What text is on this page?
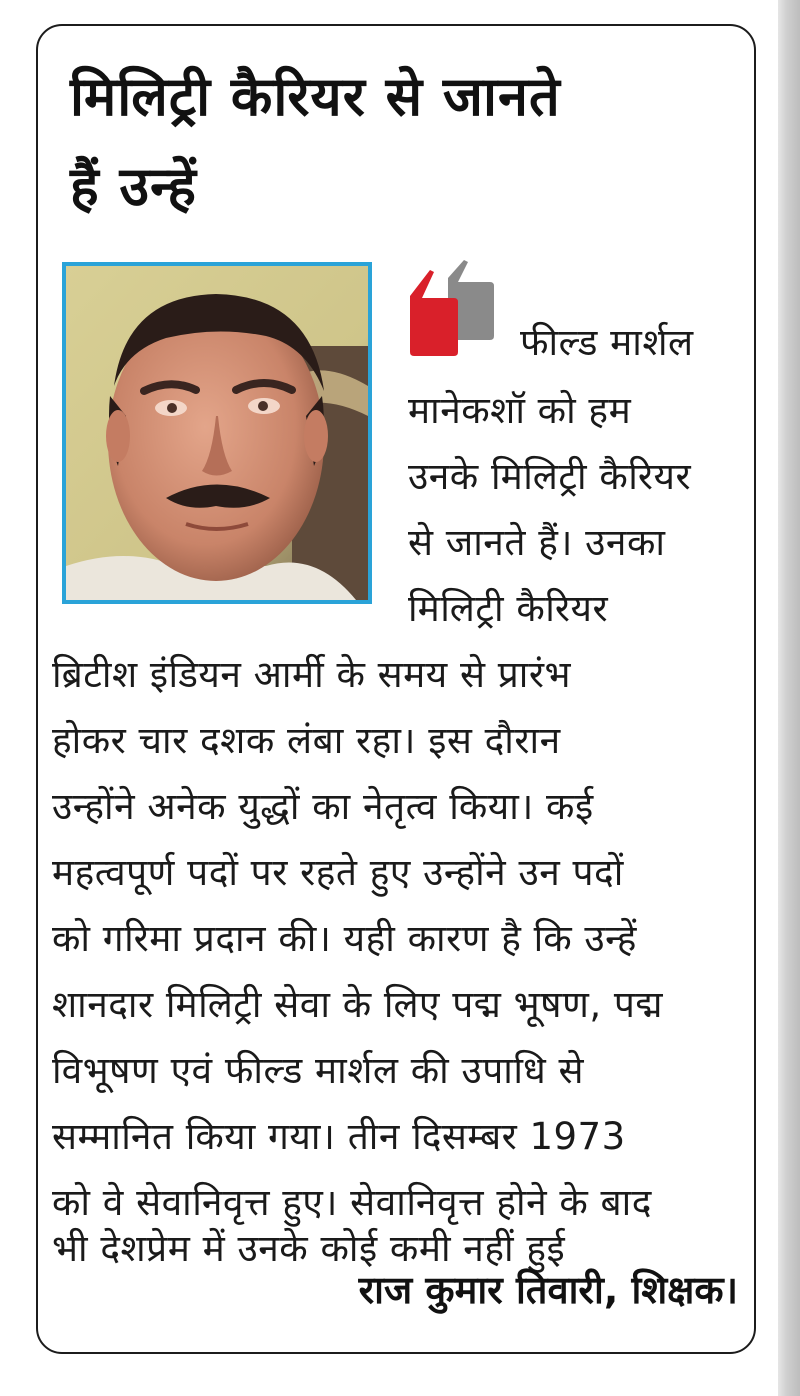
मिलिट्री कैरियर से जानते
हैं उन्हें

फील्ड मार्शल

मानेकशॉ को हम

उनके मिलिट्री कैरियर

से जानते हैं। उनका

मिलिट्री कैरियर

ब्रिटीश इंडियन आर्मी के समय से प्रारंभ

होकर चार दशक लंबा रहा। इस दौरान

उन्होंने अनेक युद्धों का नेतृत्व किया। कई

महत्वपूर्ण पदों पर रहते हुए उन्होंने उन पदों

को गरिमा प्रदान की। यही कारण है कि उन्हें

शानदार मिलिट्री सेवा के लिए पद्म भूषण, पद्म

विभूषण एवं फील्ड मार्शल की उपाधि से

सम्मानित किया गया। तीन दिसम्बर 1973

को वे सेवानिवृत्त हुए। सेवानिवृत्त होने के बाद

भी देशप्रेम में उनके कोई कमी नहीं हुई

राज कुमार तिवारी, शिक्षक।
